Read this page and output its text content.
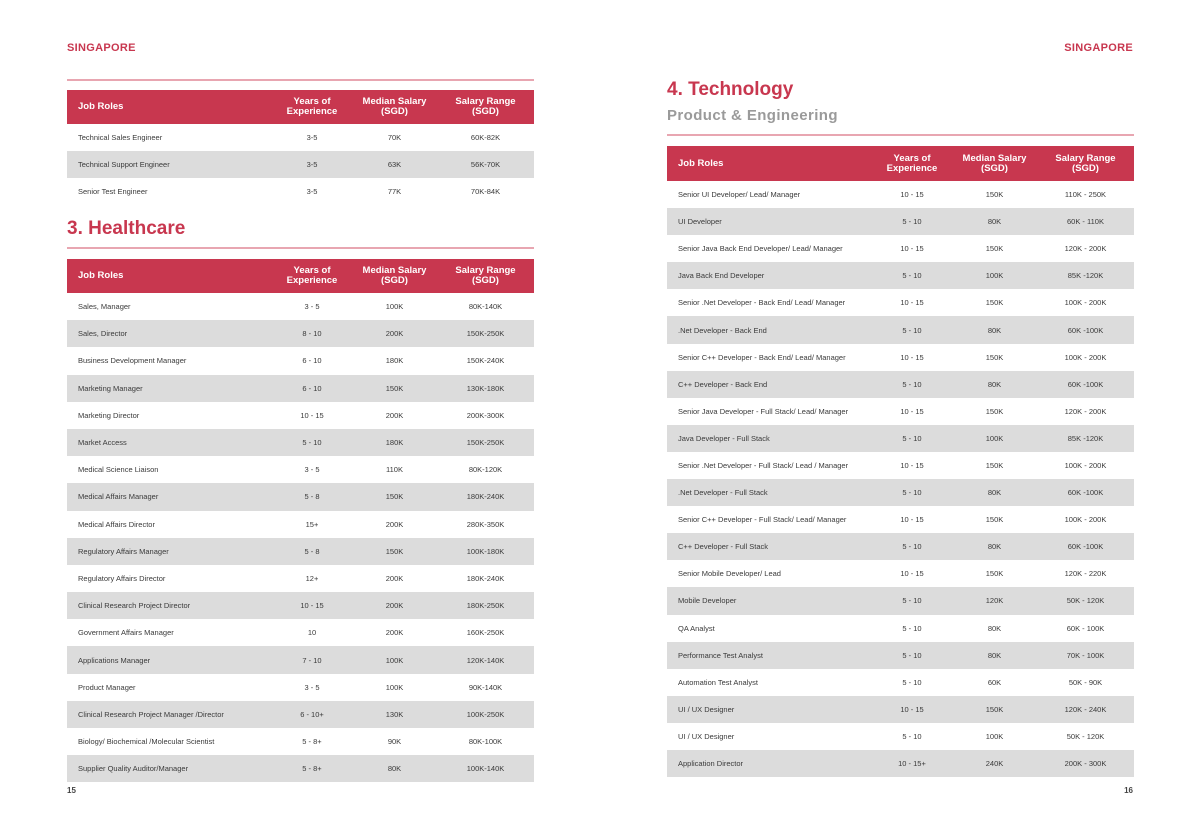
SINGAPORE
Job Roles	Years of Experience	Median Salary (SGD)	Salary Range (SGD)
Technical Sales Engineer	3-5	70K	60K-82K
Technical Support Engineer	3-5	63K	56K-70K
Senior Test Engineer	3-5	77K	70K-84K
3. Healthcare
Job Roles	Years of Experience	Median Salary (SGD)	Salary Range (SGD)
Sales, Manager	3 - 5	100K	80K-140K
Sales, Director	8 - 10	200K	150K-250K
Business Development Manager	6 - 10	180K	150K-240K
Marketing Manager	6 - 10	150K	130K-180K
Marketing Director	10 - 15	200K	200K-300K
Market Access	5 - 10	180K	150K-250K
Medical Science Liaison	3 - 5	110K	80K-120K
Medical Affairs Manager	5 - 8	150K	180K-240K
Medical Affairs Director	15+	200K	280K-350K
Regulatory Affairs Manager	5 - 8	150K	100K-180K
Regulatory Affairs Director	12+	200K	180K-240K
Clinical Research Project Director	10 - 15	200K	180K-250K
Government Affairs Manager	10	200K	160K-250K
Applications Manager	7 - 10	100K	120K-140K
Product Manager	3 - 5	100K	90K-140K
Clinical Research Project Manager /Director	6 - 10+	130K	100K-250K
Biology/ Biochemical /Molecular Scientist	5 - 8+	90K	80K-100K
Supplier Quality Auditor/Manager	5 - 8+	80K	100K-140K
15
SINGAPORE
4. Technology
Product & Engineering
Job Roles	Years of Experience	Median Salary (SGD)	Salary Range (SGD)
Senior UI Developer/ Lead/ Manager	10 - 15	150K	110K - 250K
UI Developer	5 - 10	80K	60K - 110K
Senior Java Back End Developer/ Lead/ Manager	10 - 15	150K	120K - 200K
Java Back End Developer	5 - 10	100K	85K -120K
Senior .Net Developer - Back End/ Lead/ Manager	10 - 15	150K	100K - 200K
.Net Developer - Back End	5 - 10	80K	60K -100K
Senior C++ Developer - Back End/ Lead/ Manager	10 - 15	150K	100K - 200K
C++ Developer - Back End	5 - 10	80K	60K -100K
Senior Java Developer - Full Stack/ Lead/ Manager	10 - 15	150K	120K - 200K
Java Developer - Full Stack	5 - 10	100K	85K -120K
Senior .Net Developer - Full Stack/ Lead / Manager	10 - 15	150K	100K - 200K
.Net Developer - Full Stack	5 - 10	80K	60K -100K
Senior C++ Developer - Full Stack/ Lead/ Manager	10 - 15	150K	100K - 200K
C++ Developer - Full Stack	5 - 10	80K	60K -100K
Senior Mobile Developer/ Lead	10 - 15	150K	120K - 220K
Mobile Developer	5 - 10	120K	50K - 120K
QA Analyst	5 - 10	80K	60K - 100K
Performance Test Analyst	5 - 10	80K	70K - 100K
Automation Test Analyst	5 - 10	60K	50K - 90K
UI / UX Designer	10 - 15	150K	120K - 240K
UI / UX Designer	5 - 10	100K	50K - 120K
Application Director	10 - 15+	240K	200K - 300K
16
